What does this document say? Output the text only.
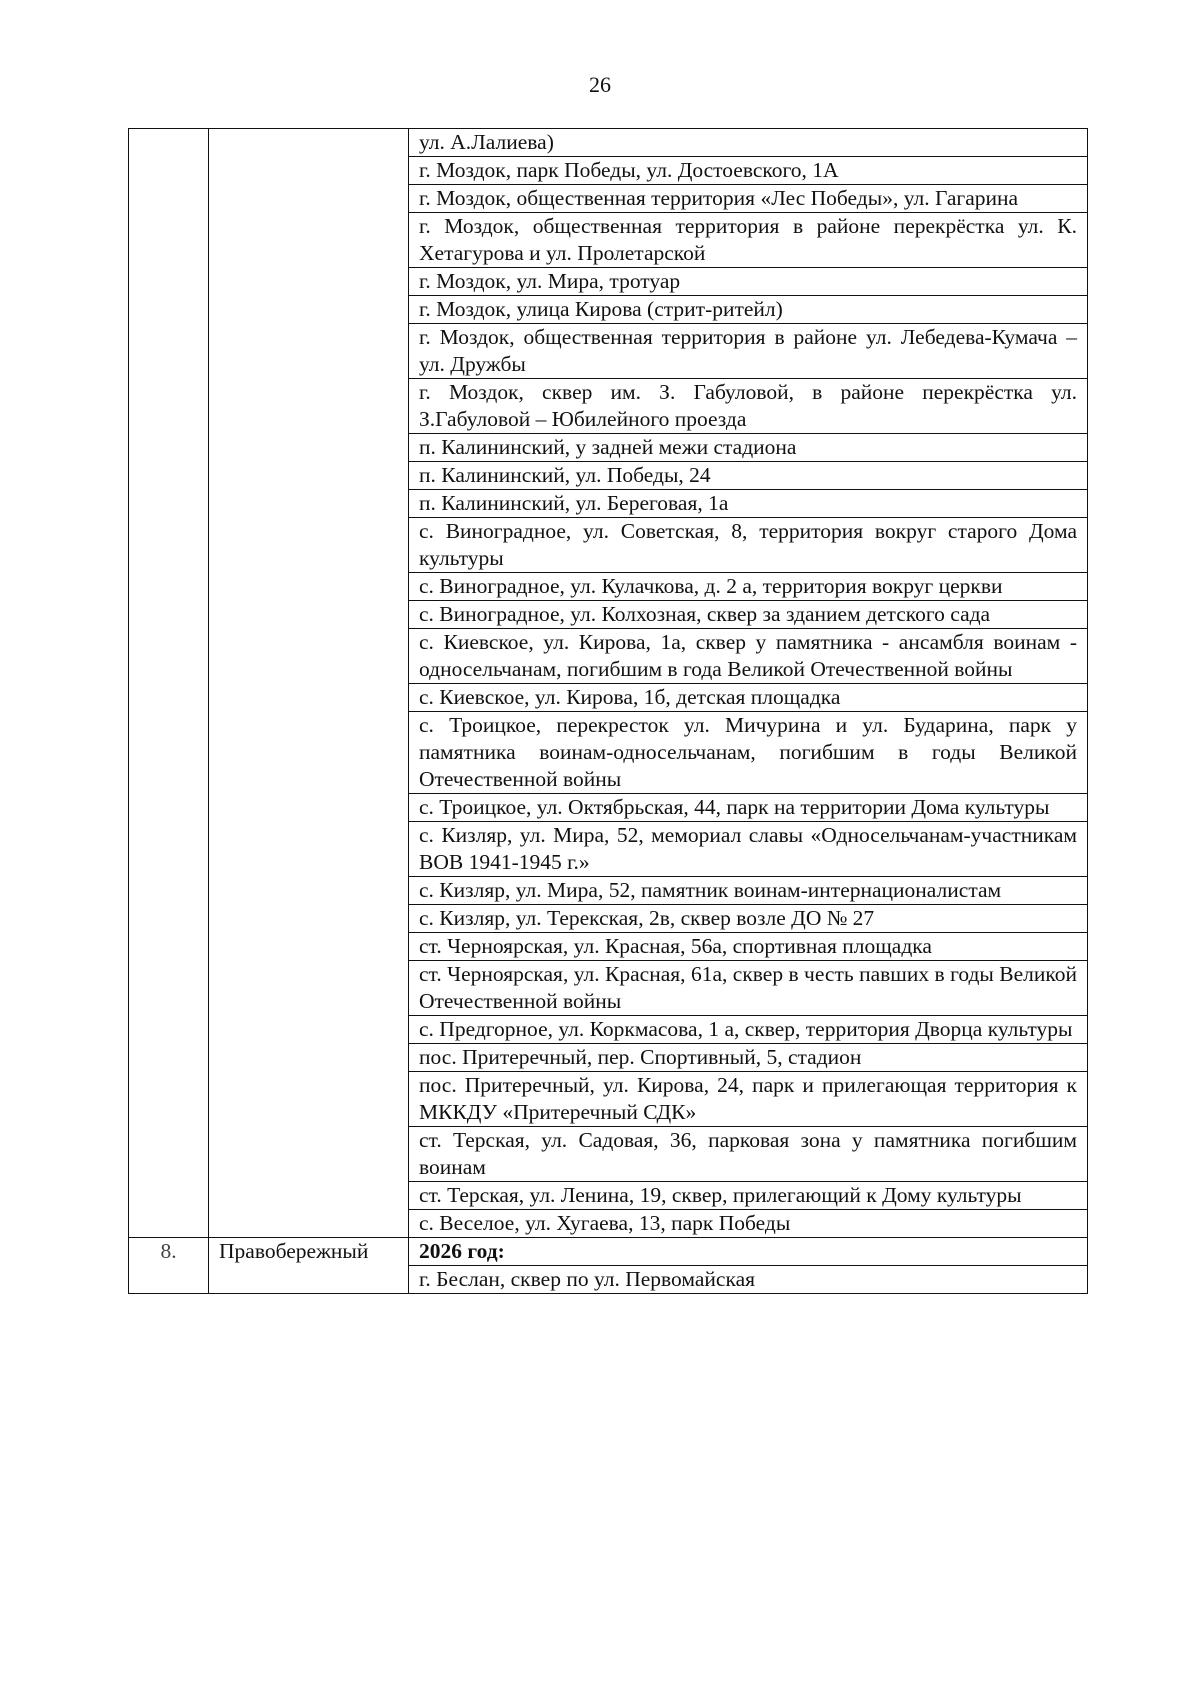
26
		ул. А.Лалиева)
		г. Моздок, парк Победы, ул. Достоевского, 1А
		г. Моздок, общественная территория «Лес Победы», ул. Гагарина
		г. Моздок, общественная территория в районе перекрёстка ул. К. Хетагурова и ул. Пролетарской
		г. Моздок, ул. Мира, тротуар
		г. Моздок, улица Кирова (стрит-ритейл)
		г. Моздок, общественная территория в районе ул. Лебедева-Кумача – ул. Дружбы
		г. Моздок, сквер им. З. Габуловой, в районе перекрёстка ул. З.Габуловой – Юбилейного проезда
		п. Калининский, у задней межи стадиона
		п. Калининский, ул. Победы, 24
		п. Калининский, ул. Береговая, 1а
		с. Виноградное, ул. Советская, 8, территория вокруг старого Дома культуры
		с. Виноградное, ул. Кулачкова, д. 2 а, территория вокруг церкви
		с. Виноградное, ул. Колхозная, сквер за зданием детского сада
		с. Киевское, ул. Кирова, 1а, сквер у памятника - ансамбля воинам - односельчанам, погибшим в года Великой Отечественной войны
		с. Киевское, ул. Кирова, 1б, детская площадка
		с. Троицкое, перекресток ул. Мичурина и ул. Бударина, парк у памятника воинам-односельчанам, погибшим в годы Великой Отечественной войны
		с. Троицкое, ул. Октябрьская, 44, парк на территории Дома культуры
		с. Кизляр, ул. Мира, 52, мемориал славы «Односельчанам-участникам ВОВ 1941-1945 г.»
		с. Кизляр, ул. Мира, 52, памятник воинам-интернационалистам
		с. Кизляр, ул. Терекская, 2в, сквер возле ДО № 27
		ст. Черноярская, ул. Красная, 56а, спортивная площадка
		ст. Черноярская, ул. Красная, 61а, сквер в честь павших в годы Великой Отечественной войны
		с. Предгорное, ул. Коркмасова, 1 а, сквер, территория Дворца культуры
		пос. Притеречный, пер. Спортивный, 5, стадион
		пос. Притеречный, ул. Кирова, 24, парк и прилегающая территория к МККДУ «Притеречный СДК»
		ст. Терская, ул. Садовая, 36, парковая зона у памятника погибшим воинам
		ст. Терская, ул. Ленина, 19, сквер, прилегающий к Дому культуры
		с. Веселое, ул. Хугаева, 13, парк Победы
8.	Правобережный	2026 год:
		г. Беслан, сквер по ул. Первомайская
